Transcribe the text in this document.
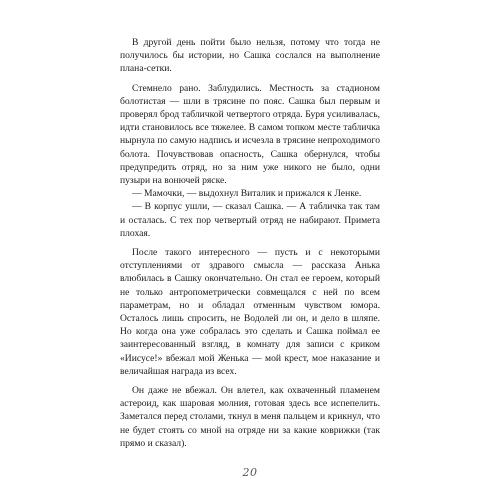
В другой день пойти было нельзя, потому что тогда не получилось бы истории, но Сашка сослался на выполнение плана-сетки.

Стемнело рано. Заблудились. Местность за стадионом болотистая — шли в трясине по пояс. Сашка был первым и проверял брод табличкой четвертого отряда. Буря усиливалась, идти становилось все тяжелее. В самом топком месте табличка нырнула по самую надпись и исчезла в трясине непроходимого болота. Почувствовав опасность, Сашка обернулся, чтобы предупредить отряд, но за ним уже никого не было, одни пузыри на вонючей ряске.

— Мамочки, — выдохнул Виталик и прижался к Ленке.

— В корпус ушли, — сказал Сашка. — А табличка так там и осталась. С тех пор четвертый отряд не набирают. Примета плохая.

После такого интересного — пусть и с некоторыми отступлениями от здравого смысла — рассказа Анька влюбилась в Сашку окончательно. Он стал ее героем, который не только антропометрически совмещался с ней по всем параметрам, но и обладал отменным чувством юмора. Осталось лишь спросить, не Водолей ли он, и дело в шляпе. Но когда она уже собралась это сделать и Сашка поймал ее заинтересованный взгляд, в комнату для записи с криком «Иисусе!» вбежал мой Женька — мой крест, мое наказание и величайшая награда из всех.

Он даже не вбежал. Он влетел, как охваченный пламенем астероид, как шаровая молния, готовая здесь все испепелить. Заметался перед столами, ткнул в меня пальцем и крикнул, что не будет стоять со мной на отряде ни за какие коврижки (так прямо и сказал).

20
